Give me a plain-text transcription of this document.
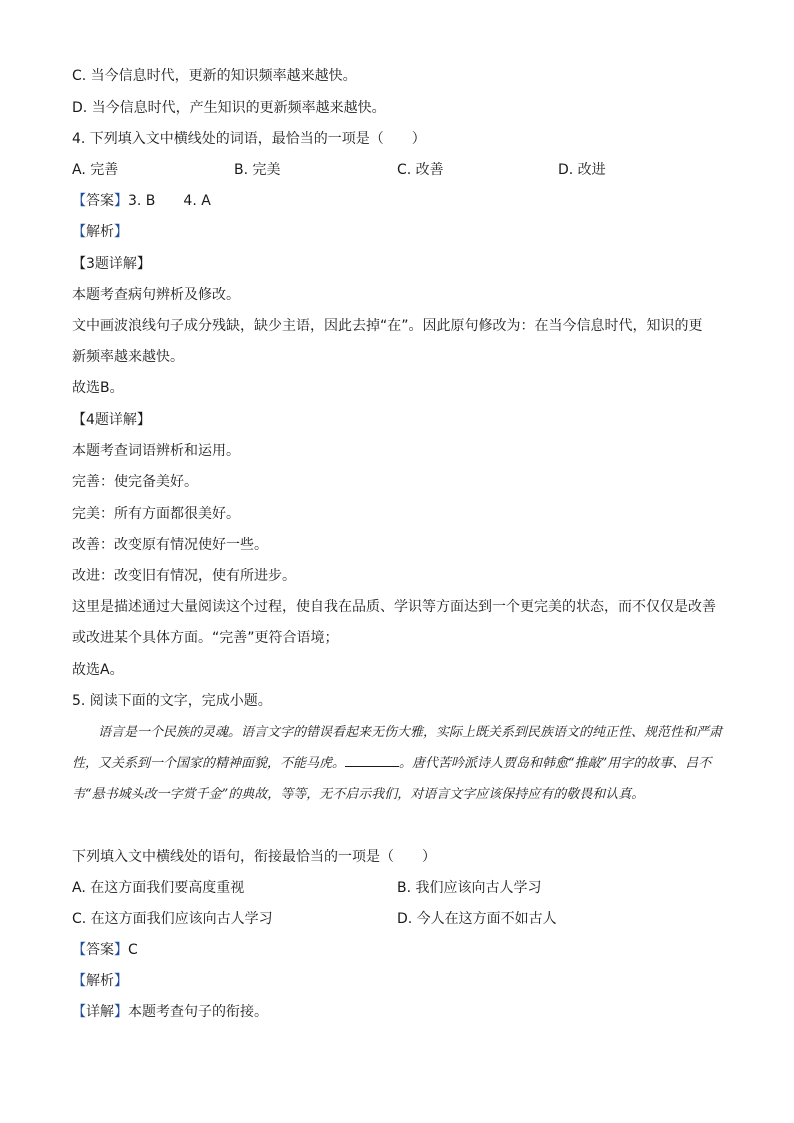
C. 当今信息时代，更新的知识频率越来越快。
D. 当今信息时代，产生知识的更新频率越来越快。
4. 下列填入文中横线处的词语，最恰当的一项是（　　）
A. 完善	B. 完美	C. 改善	D. 改进
【答案】3. B　　4. A
【解析】
【3题详解】
本题考查病句辨析及修改。
文中画波浪线句子成分残缺，缺少主语，因此去掉“在”。因此原句修改为：在当今信息时代，知识的更
新频率越来越快。
故选B。
【4题详解】
本题考查词语辨析和运用。
完善：使完备美好。
完美：所有方面都很美好。
改善：改变原有情况使好一些。
改进：改变旧有情况，使有所进步。
这里是描述通过大量阅读这个过程，使自我在品质、学识等方面达到一个更完美的状态，而不仅仅是改善
或改进某个具体方面。“完善”更符合语境；
故选A。
5. 阅读下面的文字，完成小题。
语言是一个民族的灵魂。语言文字的错误看起来无伤大雅，实际上既关系到民族语文的纯正性、规范性和严肃性，又关系到一个国家的精神面貌，不能马虎。	。唐代苦吟派诗人贾岛和韩愈“推敲”用字的故事、吕不韦“悬书城头改一字赏千金”的典故，等等，无不启示我们，对语言文字应该保持应有的敬畏和认真。
下列填入文中横线处的语句，衔接最恰当的一项是（　　）
A. 在这方面我们要高度重视	B. 我们应该向古人学习
C. 在这方面我们应该向古人学习	D. 今人在这方面不如古人
【答案】C
【解析】
【详解】本题考查句子的衔接。
